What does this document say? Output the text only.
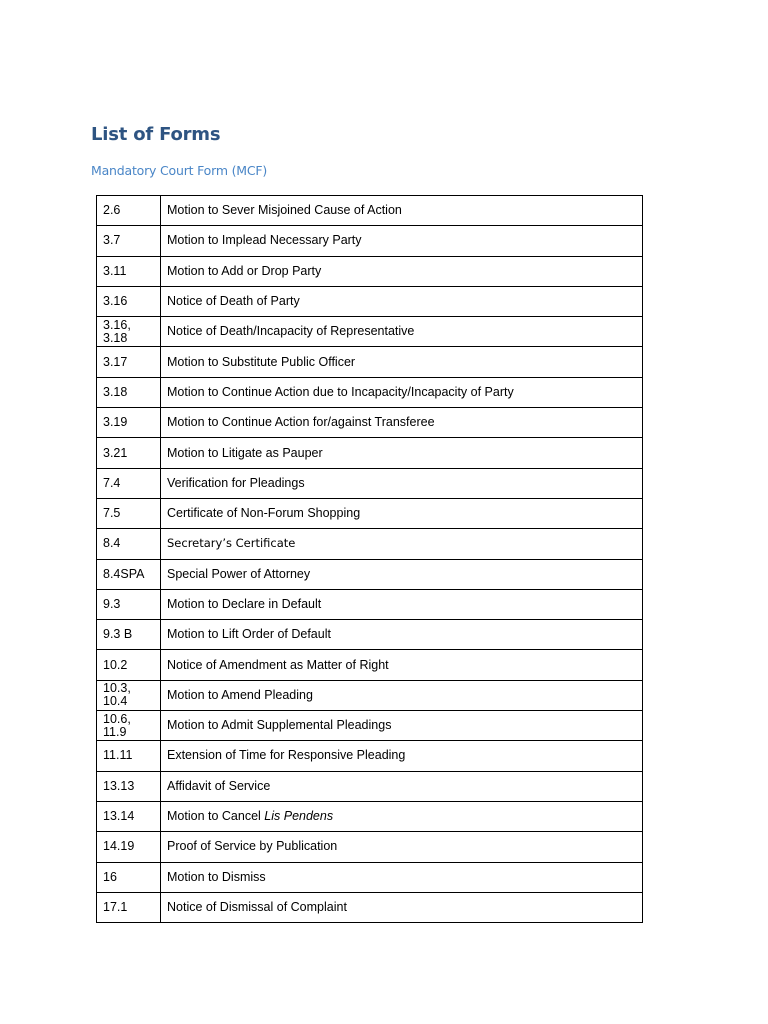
List of Forms
Mandatory Court Form (MCF)
2.6	Motion to Sever Misjoined Cause of Action
3.7	Motion to Implead Necessary Party
3.11	Motion to Add or Drop Party
3.16	Notice of Death of Party
3.16, 3.18	Notice of Death/Incapacity of Representative
3.17	Motion to Substitute Public Officer
3.18	Motion to Continue Action due to Incapacity/Incapacity of Party
3.19	Motion to Continue Action for/against Transferee
3.21	Motion to Litigate as Pauper
7.4	Verification for Pleadings
7.5	Certificate of Non-Forum Shopping
8.4	Secretary’s Certificate
8.4SPA	Special Power of Attorney
9.3	Motion to Declare in Default
9.3 B	Motion to Lift Order of Default
10.2	Notice of Amendment as Matter of Right
10.3, 10.4	Motion to Amend Pleading
10.6, 11.9	Motion to Admit Supplemental Pleadings
11.11	Extension of Time for Responsive Pleading
13.13	Affidavit of Service
13.14	Motion to Cancel Lis Pendens
14.19	Proof of Service by Publication
16	Motion to Dismiss
17.1	Notice of Dismissal of Complaint
